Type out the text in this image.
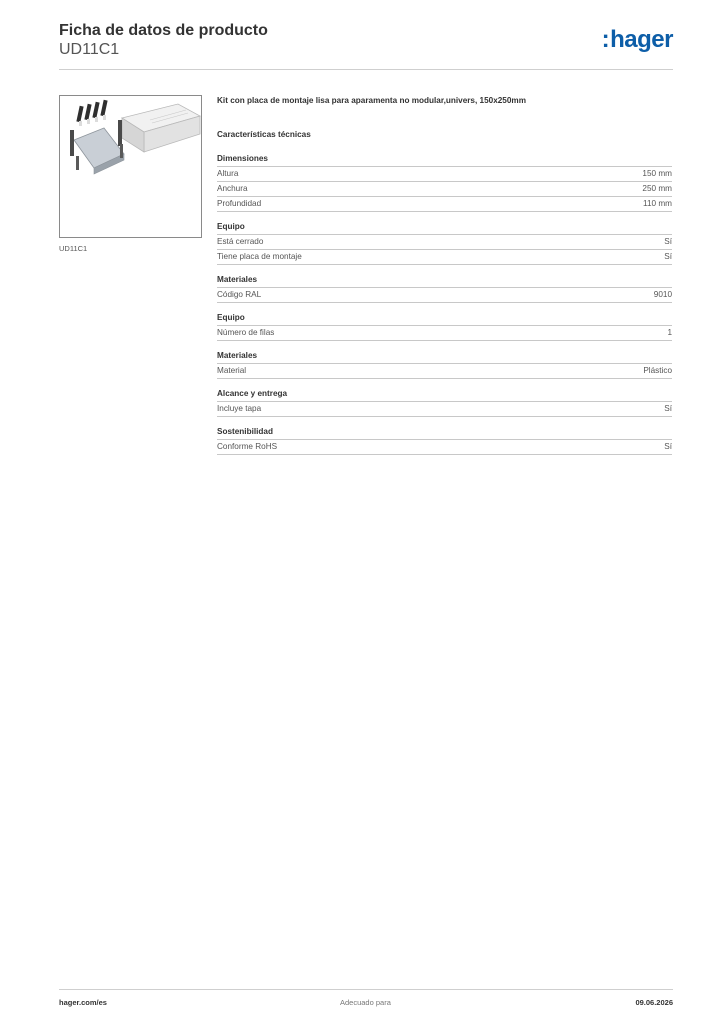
Ficha de datos de producto
UD11C1	:hager
UD11C1
Kit con placa de montaje lisa para aparamenta no modular,univers, 150x250mm
Características técnicas
Dimensiones
Altura	150 mm
Anchura	250 mm
Profundidad	110 mm
Equipo
Está cerrado	Sí
Tiene placa de montaje	Sí
Materiales
Código RAL	9010
Equipo
Número de filas	1
Materiales
Material	Plástico
Alcance y entrega
Incluye tapa	Sí
Sostenibilidad
Conforme RoHS	Sí
hager.com/es	Adecuado para	09.06.2026
